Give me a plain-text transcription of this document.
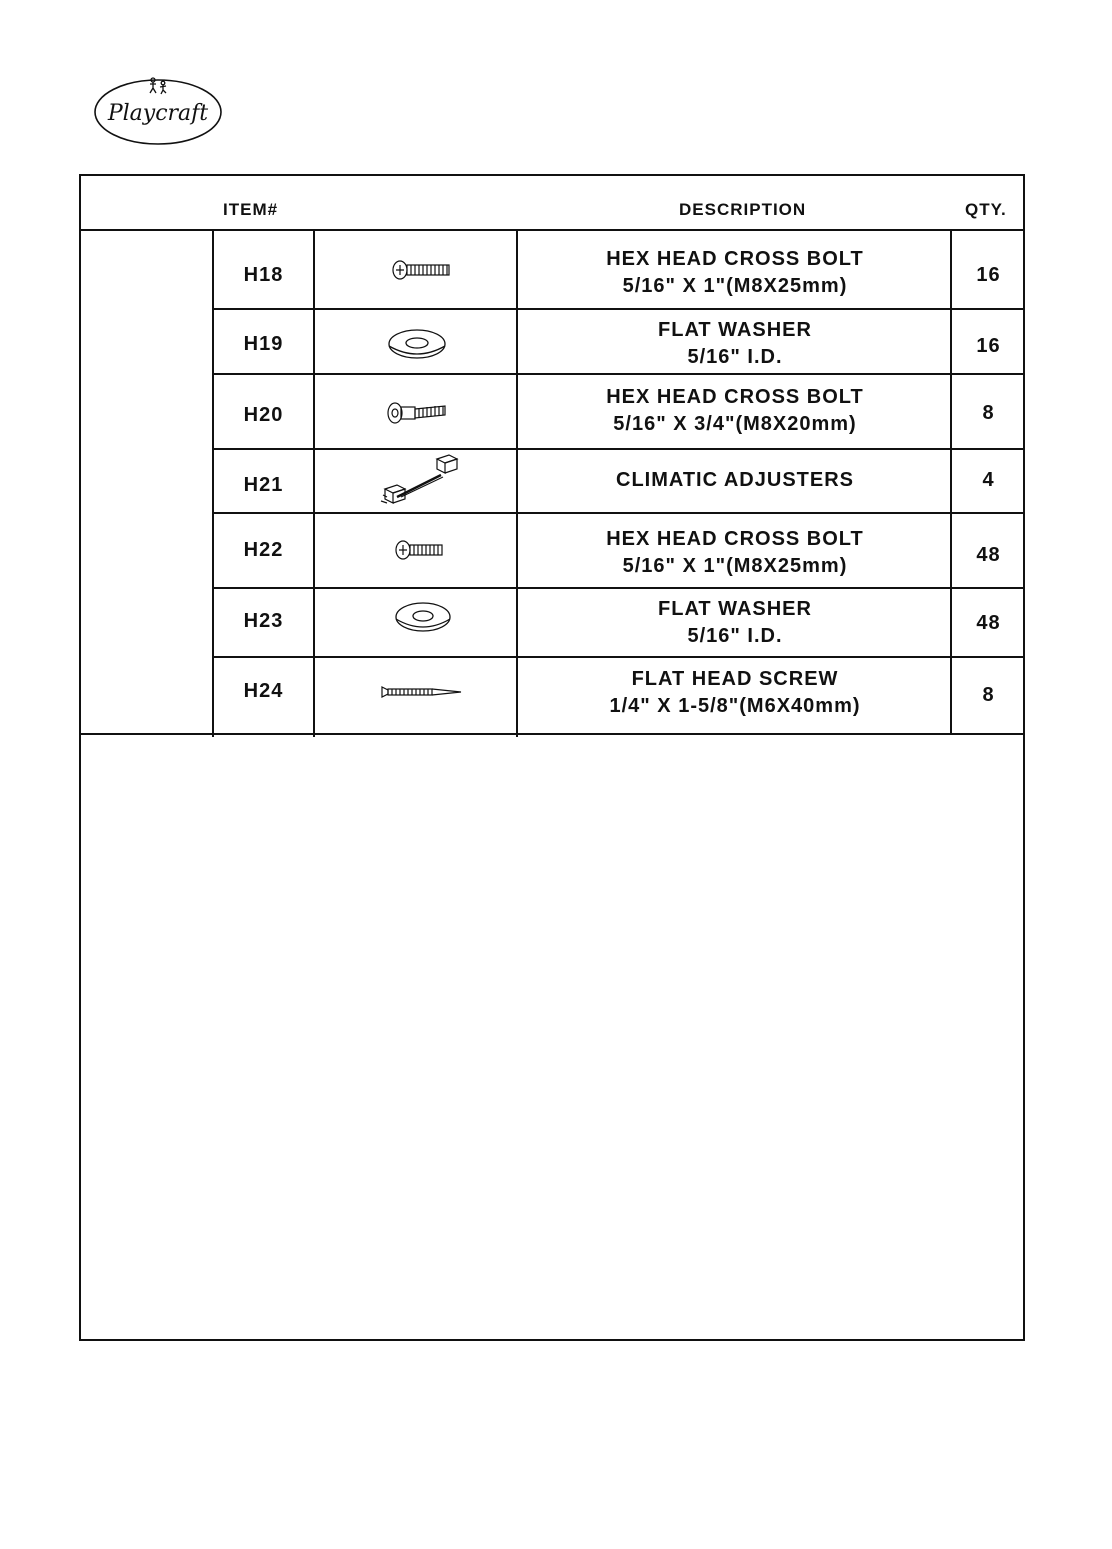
Playcraft
ITEM#	DESCRIPTION	QTY.
H18
HEX HEAD CROSS BOLT
5/16" X 1"(M8X25mm)	16
H19
FLAT WASHER
5/16" I.D.	16
H20
HEX HEAD CROSS BOLT
5/16" X 3/4"(M8X20mm)	8
H21	CLIMATIC ADJUSTERS	4
H22	HEX HEAD CROSS BOLT
5/16" X 1"(M8X25mm)	48
H23
FLAT WASHER
5/16" I.D.
48
H24
FLAT HEAD SCREW
1/4" X 1-5/8"(M6X40mm)	8
